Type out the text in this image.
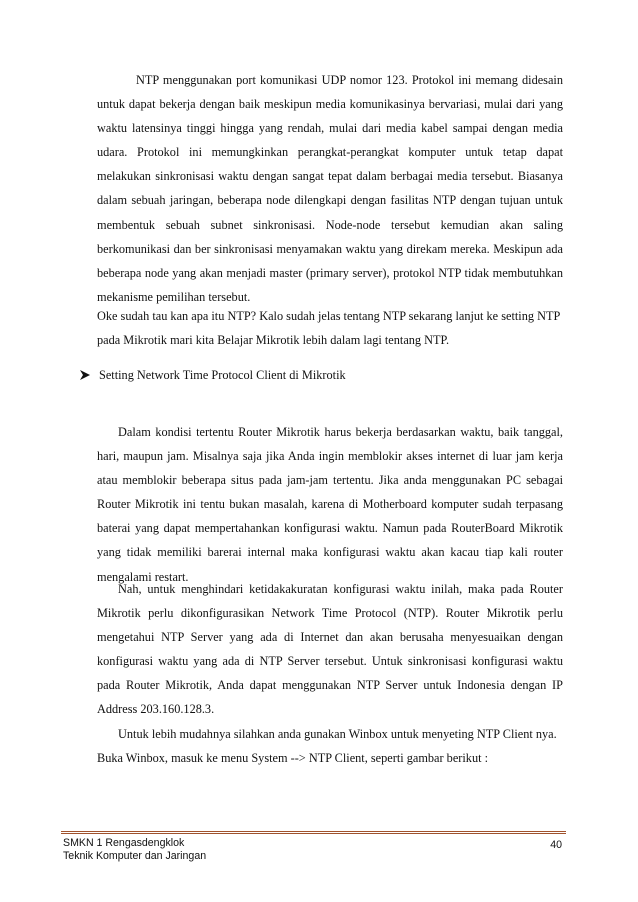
NTP menggunakan port komunikasi UDP nomor 123. Protokol ini memang didesain untuk dapat bekerja dengan baik meskipun media komunikasinya bervariasi, mulai dari yang waktu latensinya tinggi hingga yang rendah, mulai dari media kabel sampai dengan media udara. Protokol ini memungkinkan perangkat-perangkat komputer untuk tetap dapat melakukan sinkronisasi waktu dengan sangat tepat dalam berbagai media tersebut. Biasanya dalam sebuah jaringan, beberapa node dilengkapi dengan fasilitas NTP dengan tujuan untuk membentuk sebuah subnet sinkronisasi. Node-node tersebut kemudian akan saling berkomunikasi dan ber sinkronisasi menyamakan waktu yang direkam mereka. Meskipun ada beberapa node yang akan menjadi master (primary server), protokol NTP tidak membutuhkan mekanisme pemilihan tersebut.

Oke sudah tau kan apa itu NTP? Kalo sudah jelas tentang NTP sekarang lanjut ke setting NTP pada Mikrotik mari kita Belajar Mikrotik lebih dalam lagi tentang NTP.

Setting Network Time Protocol Client di Mikrotik

Dalam kondisi tertentu Router Mikrotik harus bekerja berdasarkan waktu, baik tanggal, hari, maupun jam. Misalnya saja jika Anda ingin memblokir akses internet di luar jam kerja atau memblokir beberapa situs pada jam-jam tertentu. Jika anda menggunakan PC sebagai Router Mikrotik ini tentu bukan masalah, karena di Motherboard komputer sudah terpasang baterai yang dapat mempertahankan konfigurasi waktu. Namun pada RouterBoard Mikrotik yang tidak memiliki barerai internal maka konfigurasi waktu akan kacau tiap kali router mengalami restart.

Nah, untuk menghindari ketidakakuratan konfigurasi waktu inilah, maka pada Router Mikrotik perlu dikonfigurasikan Network Time Protocol (NTP). Router Mikrotik perlu mengetahui NTP Server yang ada di Internet dan akan berusaha menyesuaikan dengan konfigurasi waktu yang ada di NTP Server tersebut. Untuk sinkronisasi konfigurasi waktu pada Router Mikrotik, Anda dapat menggunakan NTP Server untuk Indonesia dengan IP Address 203.160.128.3.

Untuk lebih mudahnya silahkan anda gunakan Winbox untuk menyeting NTP Client nya. Buka Winbox, masuk ke menu System --> NTP Client, seperti gambar berikut :

SMKN 1 Rengasdengklok
Teknik Komputer dan Jaringan
40
